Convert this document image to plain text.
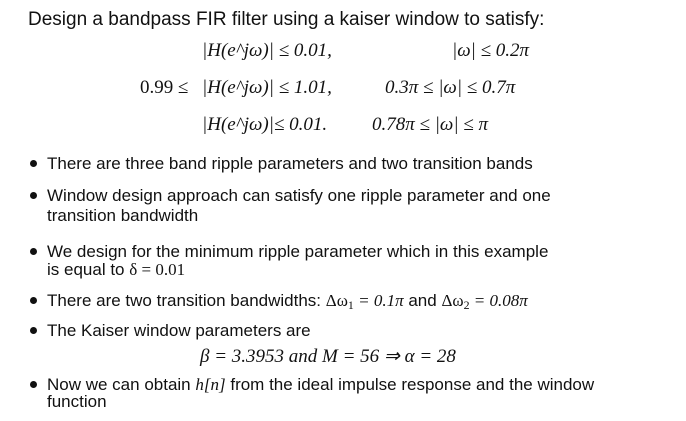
Design a bandpass FIR filter using a kaiser window to satisfy:
|H(e^jω)| ≤ 0.01,	|ω| ≤ 0.2π
0.99 ≤ |H(e^jω)| ≤ 1.01,	0.3π ≤ |ω| ≤ 0.7π
|H(e^jω)|≤ 0.01. 0.78π ≤ |ω| ≤ π
There are three band ripple parameters and two transition bands
Window design approach can satisfy one ripple parameter and one
transition bandwidth
We design for the minimum ripple parameter which in this example
is equal to δ = 0.01
There are two transition bandwidths: $\Delta\omega_1 = 0.1\pi$ and $\Delta\omega_2 = 0.08\pi$
The Kaiser window parameters are
β = 3.3953 and M = 56 ⇒ α = 28
Now we can obtain h[n] from the ideal impulse response and the window
function
